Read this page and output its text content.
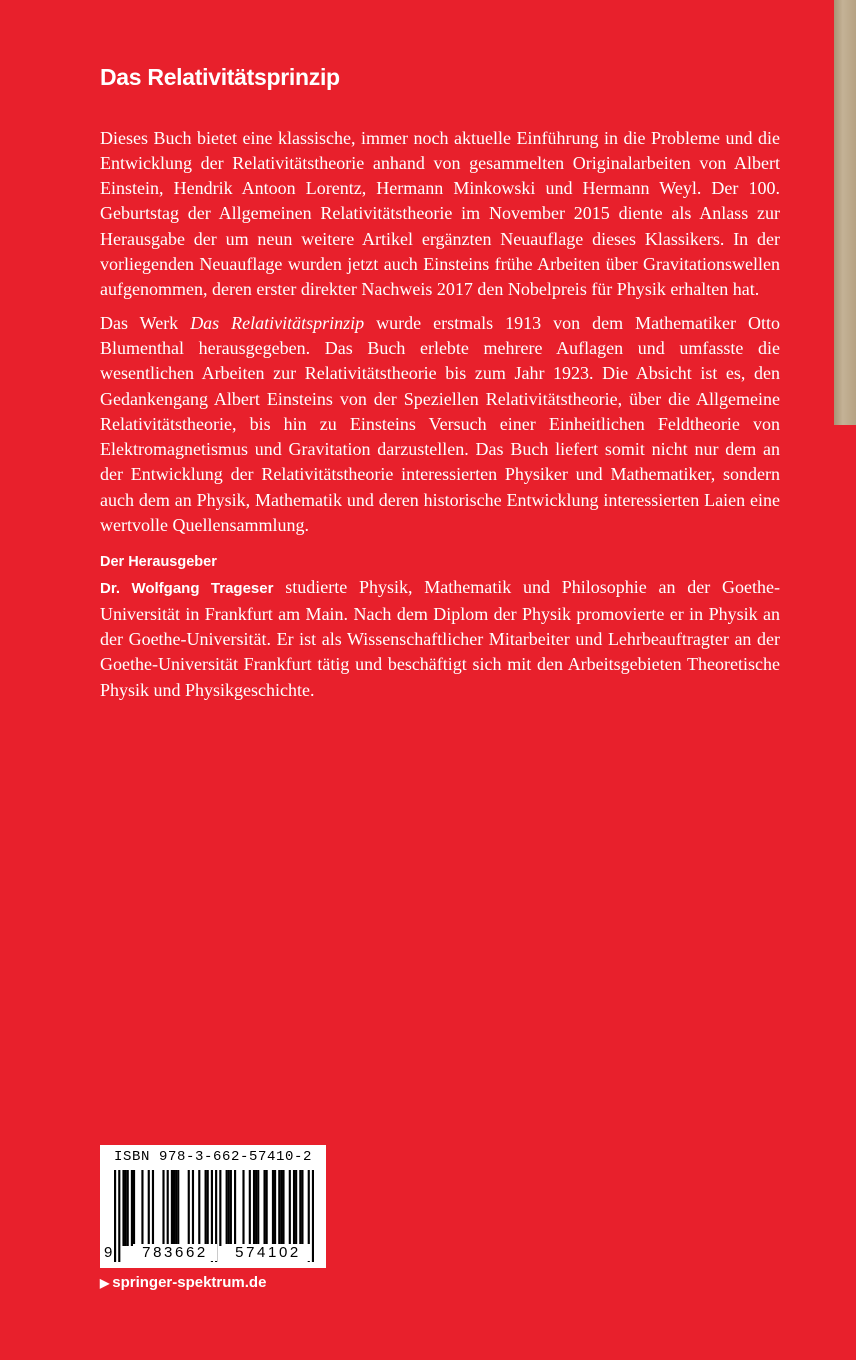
Das Relativitätsprinzip

Dieses Buch bietet eine klassische, immer noch aktuelle Einführung in die Probleme und die Entwicklung der Relativitätstheorie anhand von gesammelten Originalarbeiten von Albert Einstein, Hendrik Antoon Lorentz, Hermann Minkowski und Hermann Weyl. Der 100. Geburtstag der Allgemeinen Relativitätstheorie im November 2015 diente als Anlass zur Herausgabe der um neun weitere Artikel ergänzten Neuauflage dieses Klassikers. In der vorliegenden Neuauflage wurden jetzt auch Einsteins frühe Arbeiten über Gravitationswellen aufgenommen, deren erster direkter Nachweis 2017 den Nobelpreis für Physik erhalten hat.

Das Werk Das Relativitätsprinzip wurde erstmals 1913 von dem Mathematiker Otto Blumenthal herausgegeben. Das Buch erlebte mehrere Auflagen und umfasste die wesentlichen Arbeiten zur Relativitätstheorie bis zum Jahr 1923. Die Absicht ist es, den Gedankengang Albert Einsteins von der Speziellen Relativitätstheorie, über die Allgemeine Relativitätstheorie, bis hin zu Einsteins Versuch einer Einheitlichen Feldtheorie von Elektromagnetismus und Gravitation darzustellen. Das Buch liefert somit nicht nur dem an der Entwicklung der Relativitätstheorie interessierten Physiker und Mathematiker, sondern auch dem an Physik, Mathematik und deren historische Entwicklung interessierten Laien eine wertvolle Quellensammlung.

Der Herausgeber

Dr. Wolfgang Trageser studierte Physik, Mathematik und Philosophie an der Goethe-Universität in Frankfurt am Main. Nach dem Diplom der Physik promovierte er in Physik an der Goethe-Universität. Er ist als Wissenschaftlicher Mitarbeiter und Lehrbeauftragter an der Goethe-Universität Frankfurt tätig und beschäftigt sich mit den Arbeitsgebieten Theoretische Physik und Physikgeschichte.

ISBN 978-3-662-57410-2
9	783662	574102
▶ springer-spektrum.de
